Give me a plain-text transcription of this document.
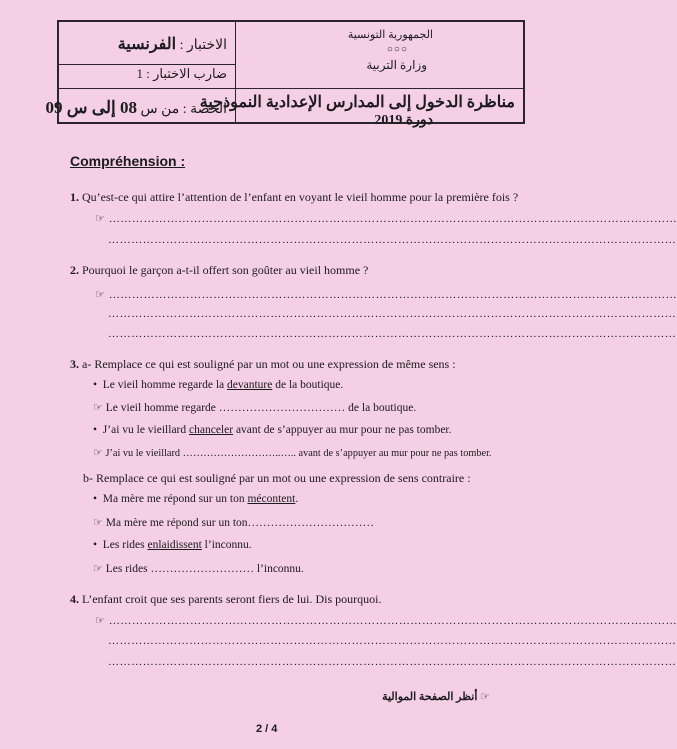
الاختبار : الفرنسية
ضارب الاختبار : 1
الحصة : من س 08 إلى س 09
الجمهورية التونسية
○○○
وزارة التربية
مناظرة الدخول إلى المدارس الإعدادية النموذجية
دورة 2019
Compréhension :
1. Qu’est-ce qui attire l’attention de l’enfant en voyant le vieil homme pour la première fois ?
☞ …………………………………………………………………………………………………………………………………
…………………………………………………………………………………………………………………………………
2. Pourquoi le garçon a-t-il offert son goûter au vieil homme ?
☞ …………………………………………………………………………………………………………………………………
…………………………………………………………………………………………………………………………………
…………………………………………………………………………………………………………………………………
3. a- Remplace ce qui est souligné par un mot ou une expression de même sens :
• Le vieil homme regarde la devanture de la boutique.
☞ Le vieil homme regarde …………………………… de la boutique.
• J’ai vu le vieillard chanceler avant de s’appuyer au mur pour ne pas tomber.
☞ J’ai vu le vieillard ………………………..….. avant de s’appuyer au mur pour ne pas tomber.
b- Remplace ce qui est souligné par un mot ou une expression de sens contraire :
• Ma mère me répond sur un ton mécontent.
☞ Ma mère me répond sur un ton……………………………
• Les rides enlaidissent l’inconnu.
☞ Les rides ……………………… l’inconnu.
4. L’enfant croit que ses parents seront fiers de lui. Dis pourquoi.
☞ …………………………………………………………………………………………………………………………………
…………………………………………………………………………………………………………………………………
…………………………………………………………………………………………………………………………………
☞ أنظر الصفحة الموالية
2 / 4
